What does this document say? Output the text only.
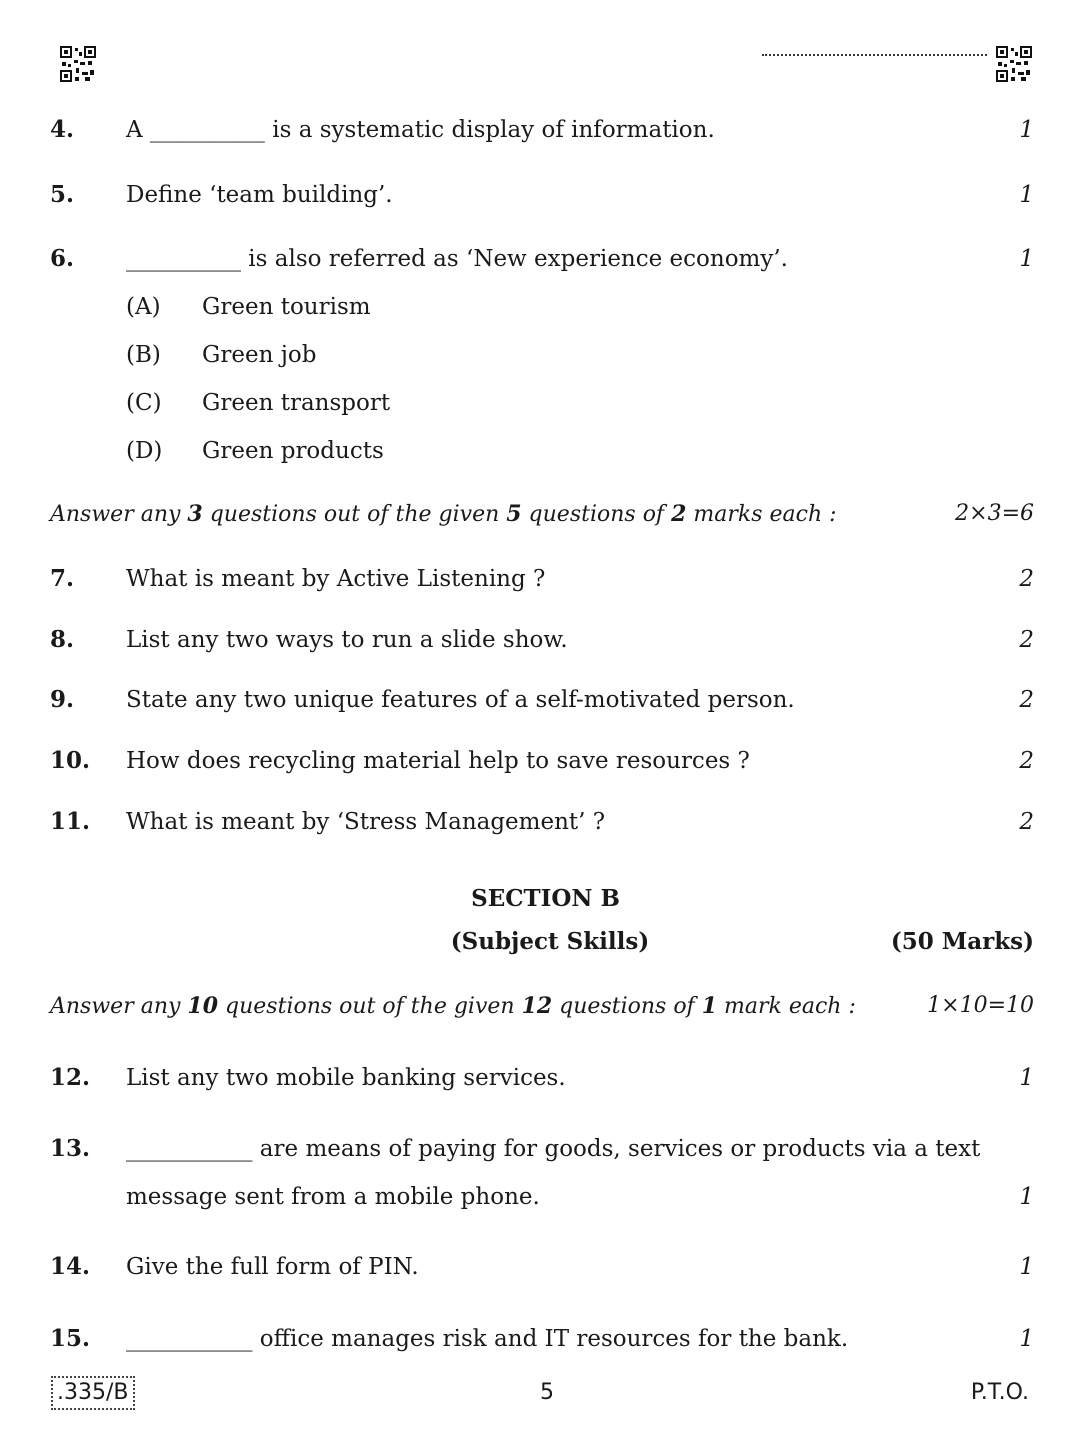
4. A __________ is a systematic display of information.	1
5. Define ‘team building’.	1
6. __________ is also referred as ‘New experience economy’.	1
(A) Green tourism
(B) Green job
(C) Green transport
(D) Green products
Answer any 3 questions out of the given 5 questions of 2 marks each :	2×3=6
7. What is meant by Active Listening ?	2
8. List any two ways to run a slide show.	2
9. State any two unique features of a self-motivated person.	2
10. How does recycling material help to save resources ?	2
11. What is meant by ‘Stress Management’ ?	2
SECTION B
(Subject Skills)	(50 Marks)
Answer any 10 questions out of the given 12 questions of 1 mark each :	1×10=10
12. List any two mobile banking services.	1
13. ___________ are means of paying for goods, services or products via a text
message sent from a mobile phone.	1
14. Give the full form of PIN.	1
15. ___________ office manages risk and IT resources for the bank.	1
.335/B	5	P.T.O.
